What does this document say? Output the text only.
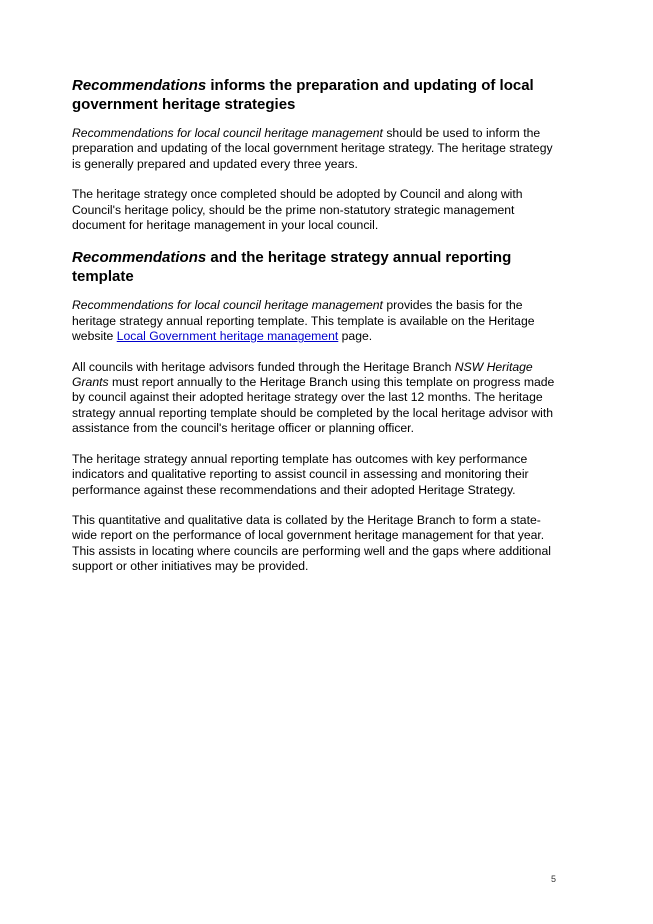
Recommendations informs the preparation and updating of local government heritage strategies

Recommendations for local council heritage management should be used to inform the preparation and updating of the local government heritage strategy. The heritage strategy is generally prepared and updated every three years.

The heritage strategy once completed should be adopted by Council and along with Council's heritage policy, should be the prime non-statutory strategic management document for heritage management in your local council.

Recommendations and the heritage strategy annual reporting template

Recommendations for local council heritage management provides the basis for the heritage strategy annual reporting template. This template is available on the Heritage website Local Government heritage management page.

All councils with heritage advisors funded through the Heritage Branch NSW Heritage Grants must report annually to the Heritage Branch using this template on progress made by council against their adopted heritage strategy over the last 12 months. The heritage strategy annual reporting template should be completed by the local heritage advisor with assistance from the council's heritage officer or planning officer.

The heritage strategy annual reporting template has outcomes with key performance indicators and qualitative reporting to assist council in assessing and monitoring their performance against these recommendations and their adopted Heritage Strategy.

This quantitative and qualitative data is collated by the Heritage Branch to form a state-wide report on the performance of local government heritage management for that year. This assists in locating where councils are performing well and the gaps where additional support or other initiatives may be provided.

5
